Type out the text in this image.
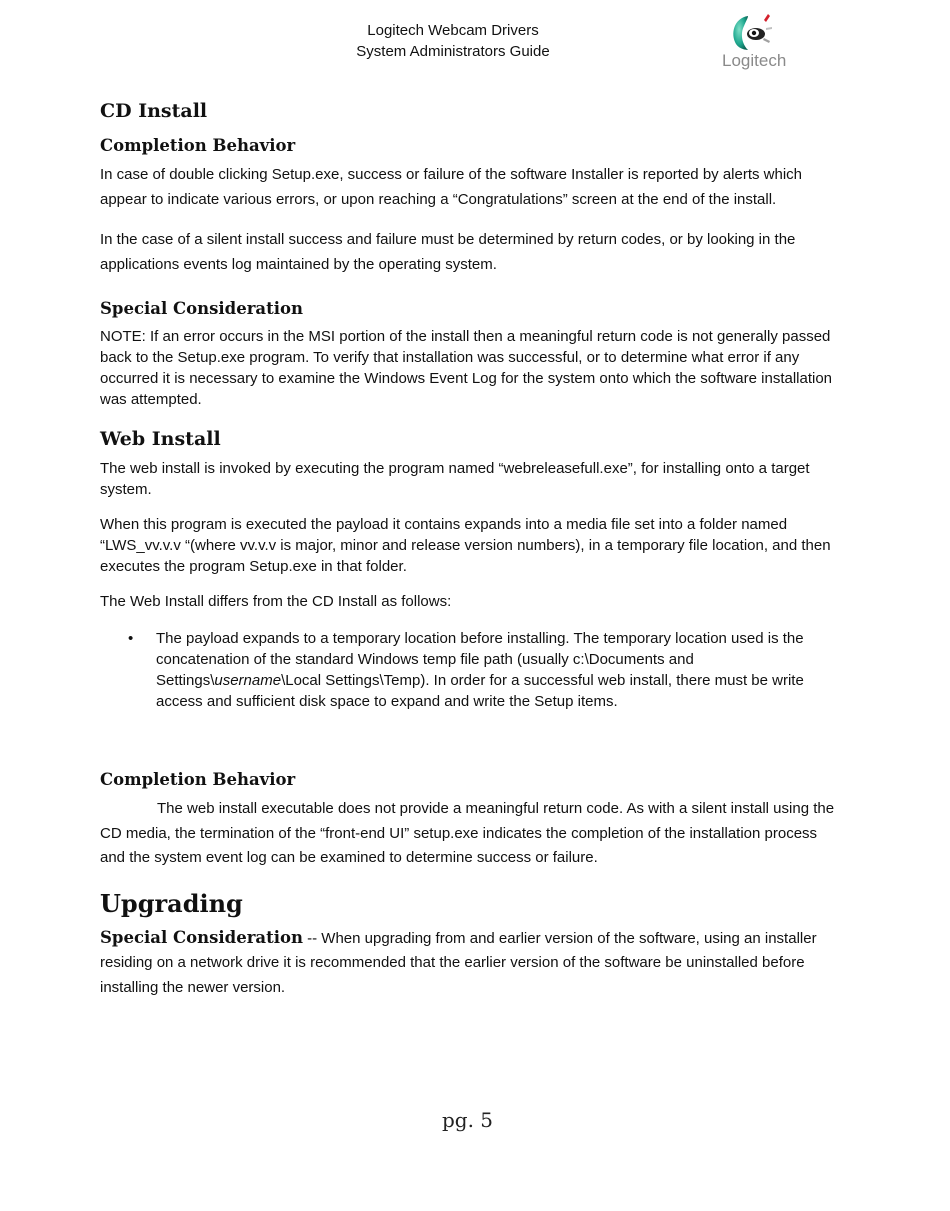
Logitech Webcam Drivers
System Administrators Guide	Logitech
CD Install
Completion Behavior

In case of double clicking Setup.exe, success or failure of the software Installer is reported by alerts which appear to indicate various errors, or upon reaching a “Congratulations” screen at the end of the install.

In the case of a silent install success and failure must be determined by return codes, or by looking in the applications events log maintained by the operating system.

Special Consideration

NOTE: If an error occurs in the MSI portion of the install then a meaningful return code is not generally passed back to the Setup.exe program. To verify that installation was successful, or to determine what error if any occurred it is necessary to examine the Windows Event Log for the system onto which the software installation was attempted.

Web Install

The web install is invoked by executing the program named “webreleasefull.exe”, for installing onto a target system.

When this program is executed the payload it contains expands into a media file set into a folder named “LWS_vv.v.v “(where vv.v.v is major, minor and release version numbers), in a temporary file location, and then executes the program Setup.exe in that folder.

The Web Install differs from the CD Install as follows:

• The payload expands to a temporary location before installing. The temporary location used is the concatenation of the standard Windows temp file path (usually c:\Documents and Settings\username\Local Settings\Temp). In order for a successful web install, there must be write access and sufficient disk space to expand and write the Setup items.
Completion Behavior

The web install executable does not provide a meaningful return code. As with a silent install using the CD media, the termination of the “front-end UI” setup.exe indicates the completion of the installation process and the system event log can be examined to determine success or failure.

Upgrading

Special Consideration -- When upgrading from and earlier version of the software, using an installer residing on a network drive it is recommended that the earlier version of the software be uninstalled before installing the newer version.

pg. 5
